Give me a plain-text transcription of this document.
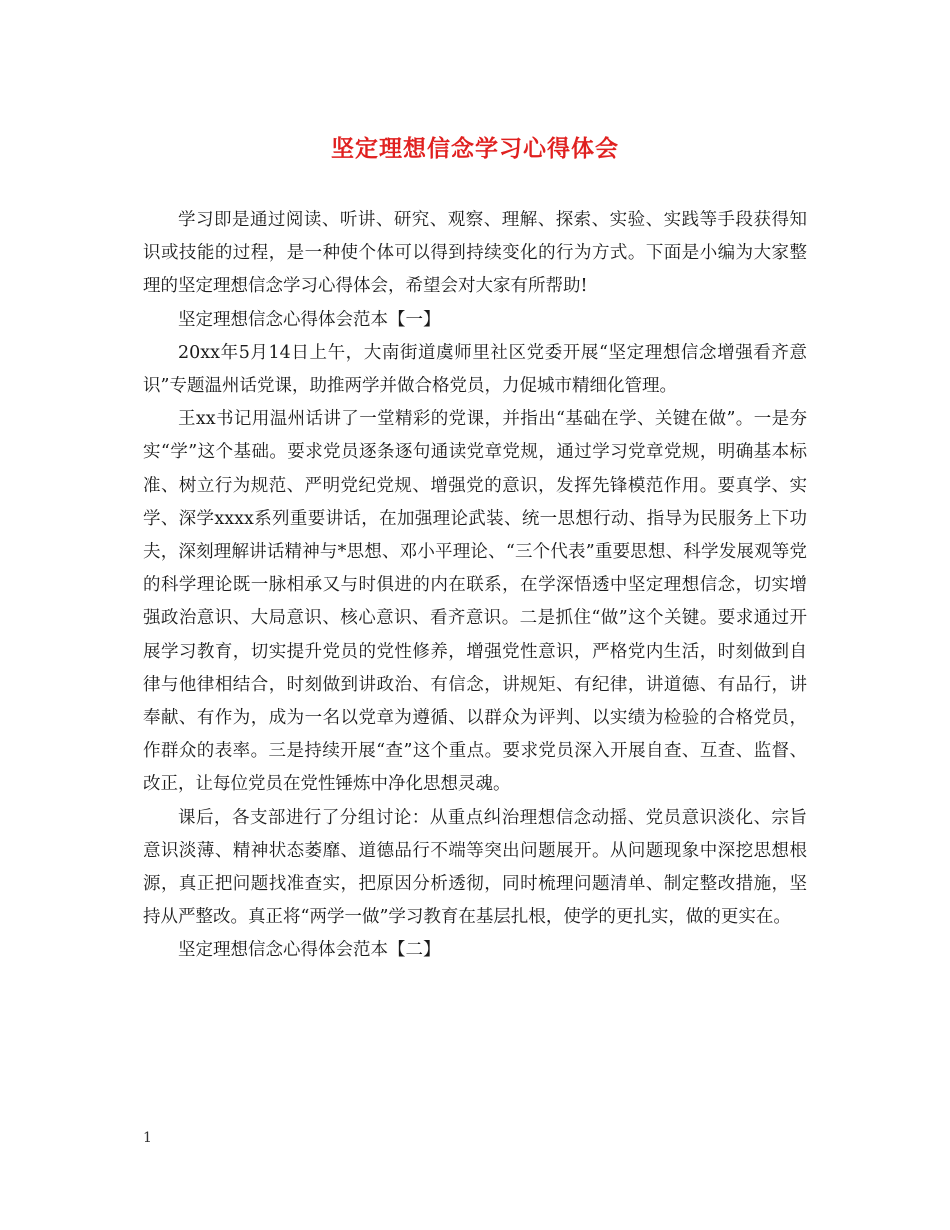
坚定理想信念学习心得体会

学习即是通过阅读、听讲、研究、观察、理解、探索、实验、实践等手段获得知识或技能的过程，是一种使个体可以得到持续变化的行为方式。下面是小编为大家整理的坚定理想信念学习心得体会，希望会对大家有所帮助!

坚定理想信念心得体会范本【一】

20xx年5月14日上午，大南街道虞师里社区党委开展“坚定理想信念增强看齐意识”专题温州话党课，助推两学并做合格党员，力促城市精细化管理。

王xx书记用温州话讲了一堂精彩的党课，并指出“基础在学、关键在做”。一是夯实“学”这个基础。要求党员逐条逐句通读党章党规，通过学习党章党规，明确基本标准、树立行为规范、严明党纪党规、增强党的意识，发挥先锋模范作用。要真学、实学、深学xxxx系列重要讲话，在加强理论武装、统一思想行动、指导为民服务上下功夫，深刻理解讲话精神与*思想、邓小平理论、“三个代表”重要思想、科学发展观等党的科学理论既一脉相承又与时俱进的内在联系，在学深悟透中坚定理想信念，切实增强政治意识、大局意识、核心意识、看齐意识。二是抓住“做”这个关键。要求通过开展学习教育，切实提升党员的党性修养，增强党性意识，严格党内生活，时刻做到自律与他律相结合，时刻做到讲政治、有信念，讲规矩、有纪律，讲道德、有品行，讲奉献、有作为，成为一名以党章为遵循、以群众为评判、以实绩为检验的合格党员，作群众的表率。三是持续开展“查”这个重点。要求党员深入开展自查、互查、监督、改正，让每位党员在党性锤炼中净化思想灵魂。

课后，各支部进行了分组讨论：从重点纠治理想信念动摇、党员意识淡化、宗旨意识淡薄、精神状态萎靡、道德品行不端等突出问题展开。从问题现象中深挖思想根源，真正把问题找准查实，把原因分析透彻，同时梳理问题清单、制定整改措施，坚持从严整改。真正将“两学一做”学习教育在基层扎根，使学的更扎实，做的更实在。

坚定理想信念心得体会范本【二】

1
